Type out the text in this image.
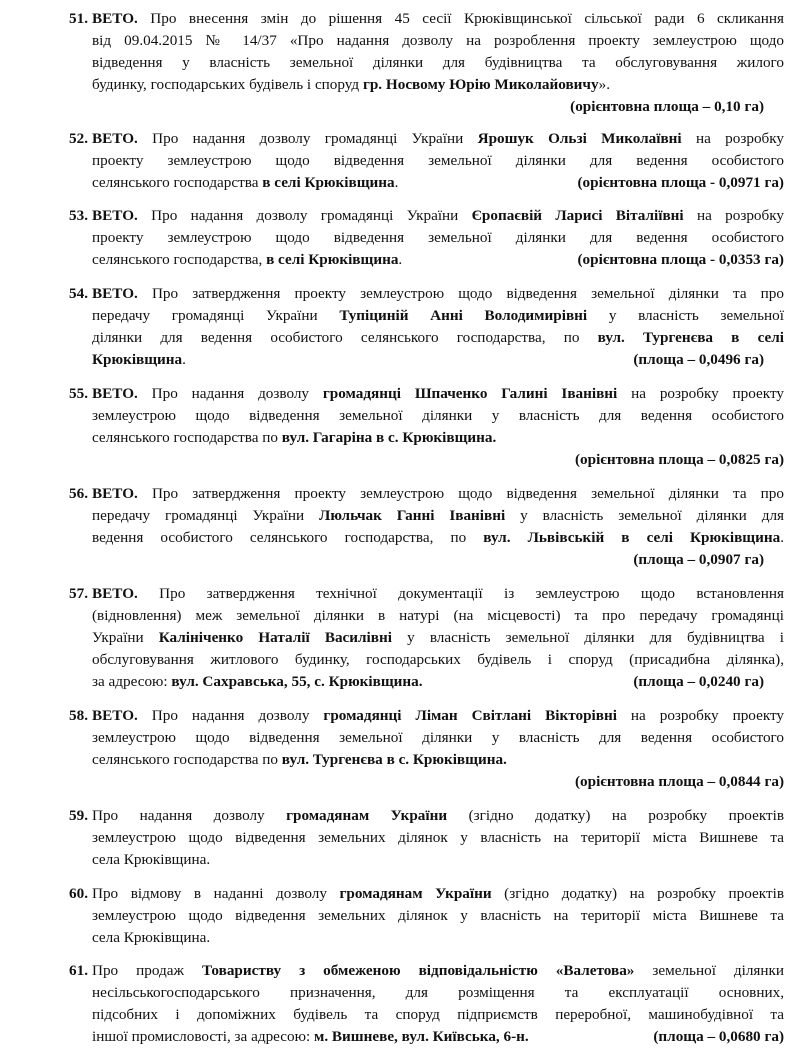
51. ВЕТО. Про внесення змін до рішення 45 сесії Крюківщинської сільської ради 6 скликання
від 09.04.2015 № 14/37 «Про надання дозволу на розроблення проекту землеустрою щодо
відведення у власність земельної ділянки для будівництва та обслуговування жилого
будинку, господарських будівель і споруд гр. Носвому Юрію Миколайовичу».
(орієнтовна площа – 0,10 га)
52. ВЕТО. Про надання дозволу громадянці України Ярошук Ользі Миколаївні на розробку
проекту землеустрою щодо відведення земельної ділянки для ведення особистого
селянського господарства в селі Крюківщина.	(орієнтовна площа - 0,0971 га)
53. ВЕТО. Про надання дозволу громадянці України Єропаєвій Ларисі Віталіївні на розробку
проекту землеустрою щодо відведення земельної ділянки для ведення особистого
селянського господарства, в селі Крюківщина.	(орієнтовна площа - 0,0353 га)
54. ВЕТО. Про затвердження проекту землеустрою щодо відведення земельної ділянки та про
передачу громадянці України Тупіциній Анні Володимирівні у власність земельної
ділянки для ведення особистого селянського господарства, по вул. Тургенєва в селі
Крюківщина.	(площа – 0,0496 га)
55. ВЕТО. Про надання дозволу громадянці Шпаченко Галині Іванівні на розробку проекту
землеустрою щодо відведення земельної ділянки у власність для ведення особистого
селянського господарства по вул. Гагаріна в с. Крюківщина.
(орієнтовна площа – 0,0825 га)
56. ВЕТО. Про затвердження проекту землеустрою щодо відведення земельної ділянки та про
передачу громадянці України Люльчак Ганні Іванівні у власність земельної ділянки для
ведення особистого селянського господарства, по вул. Львівській в селі Крюківщина.
(площа – 0,0907 га)
57. ВЕТО. Про затвердження технічної документації із землеустрою щодо встановлення
(відновлення) меж земельної ділянки в натурі (на місцевості) та про передачу громадянці
України Калініченко Наталії Василівні у власність земельної ділянки для будівництва і
обслуговування житлового будинку, господарських будівель і споруд (присадибна ділянка),
за адресою: вул. Сахравська, 55, с. Крюківщина.	(площа – 0,0240 га)
58. ВЕТО. Про надання дозволу громадянці Ліман Світлані Вікторівні на розробку проекту
землеустрою щодо відведення земельної ділянки у власність для ведення особистого
селянського господарства по вул. Тургенєва в с. Крюківщина.
(орієнтовна площа – 0,0844 га)
59. Про надання дозволу громадянам України (згідно додатку) на розробку проектів
землеустрою щодо відведення земельних ділянок у власність на території міста Вишневе та
села Крюківщина.
60. Про відмову в наданні дозволу громадянам України (згідно додатку) на розробку проектів
землеустрою щодо відведення земельних ділянок у власність на території міста Вишневе та
села Крюківщина.
61. Про продаж Товариству з обмеженою відповідальністю «Валетова» земельної ділянки
несільськогосподарського призначення, для розміщення та експлуатації основних,
підсобних і допоміжних будівель та споруд підприємств переробної, машинобудівної та
іншої промисловості, за адресою: м. Вишневе, вул. Київська, 6-н.	(площа – 0,0680 га)
